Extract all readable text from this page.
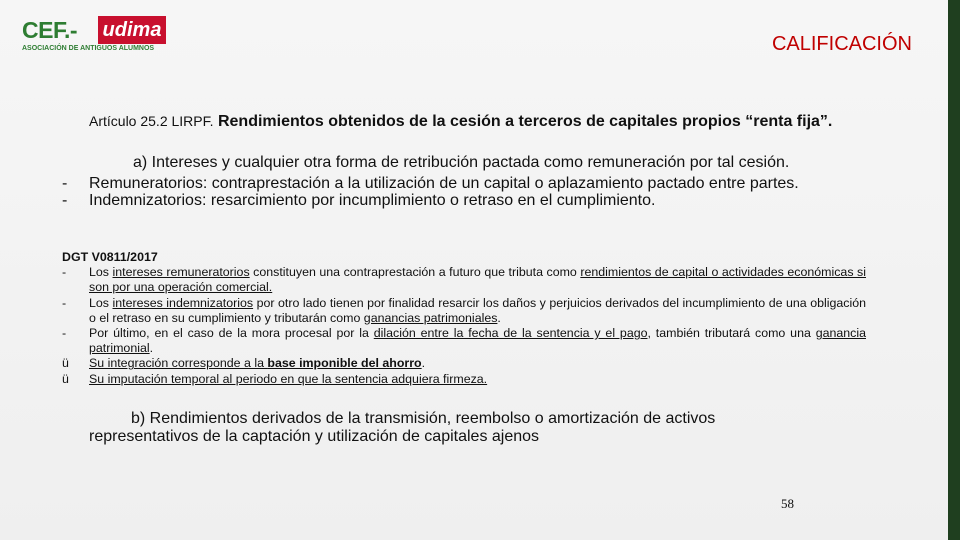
CEF.- udima
ASOCIACIÓN DE ANTIGUOS ALUMNOS	CALIFICACIÓN
Artículo 25.2 LIRPF. Rendimientos obtenidos de la cesión a terceros de capitales propios “renta fija”.
a) Intereses y cualquier otra forma de retribución pactada como remuneración por tal cesión.
- Remuneratorios: contraprestación a la utilización de un capital o aplazamiento pactado entre partes.
- Indemnizatorios: resarcimiento por incumplimiento o retraso en el cumplimiento.
DGT V0811/2017
- Los intereses remuneratorios constituyen una contraprestación a futuro que tributa como rendimientos de capital o actividades económicas si son por una operación comercial.
- Los intereses indemnizatorios por otro lado tienen por finalidad resarcir los daños y perjuicios derivados del incumplimiento de una obligación o el retraso en su cumplimiento y tributarán como ganancias patrimoniales.
- Por último, en el caso de la mora procesal por la dilación entre la fecha de la sentencia y el pago, también tributará como una ganancia patrimonial.
ü Su integración corresponde a la base imponible del ahorro.
ü Su imputación temporal al periodo en que la sentencia adquiera firmeza.
b) Rendimientos derivados de la transmisión, reembolso o amortización de activos
representativos de la captación y utilización de capitales ajenos
58
